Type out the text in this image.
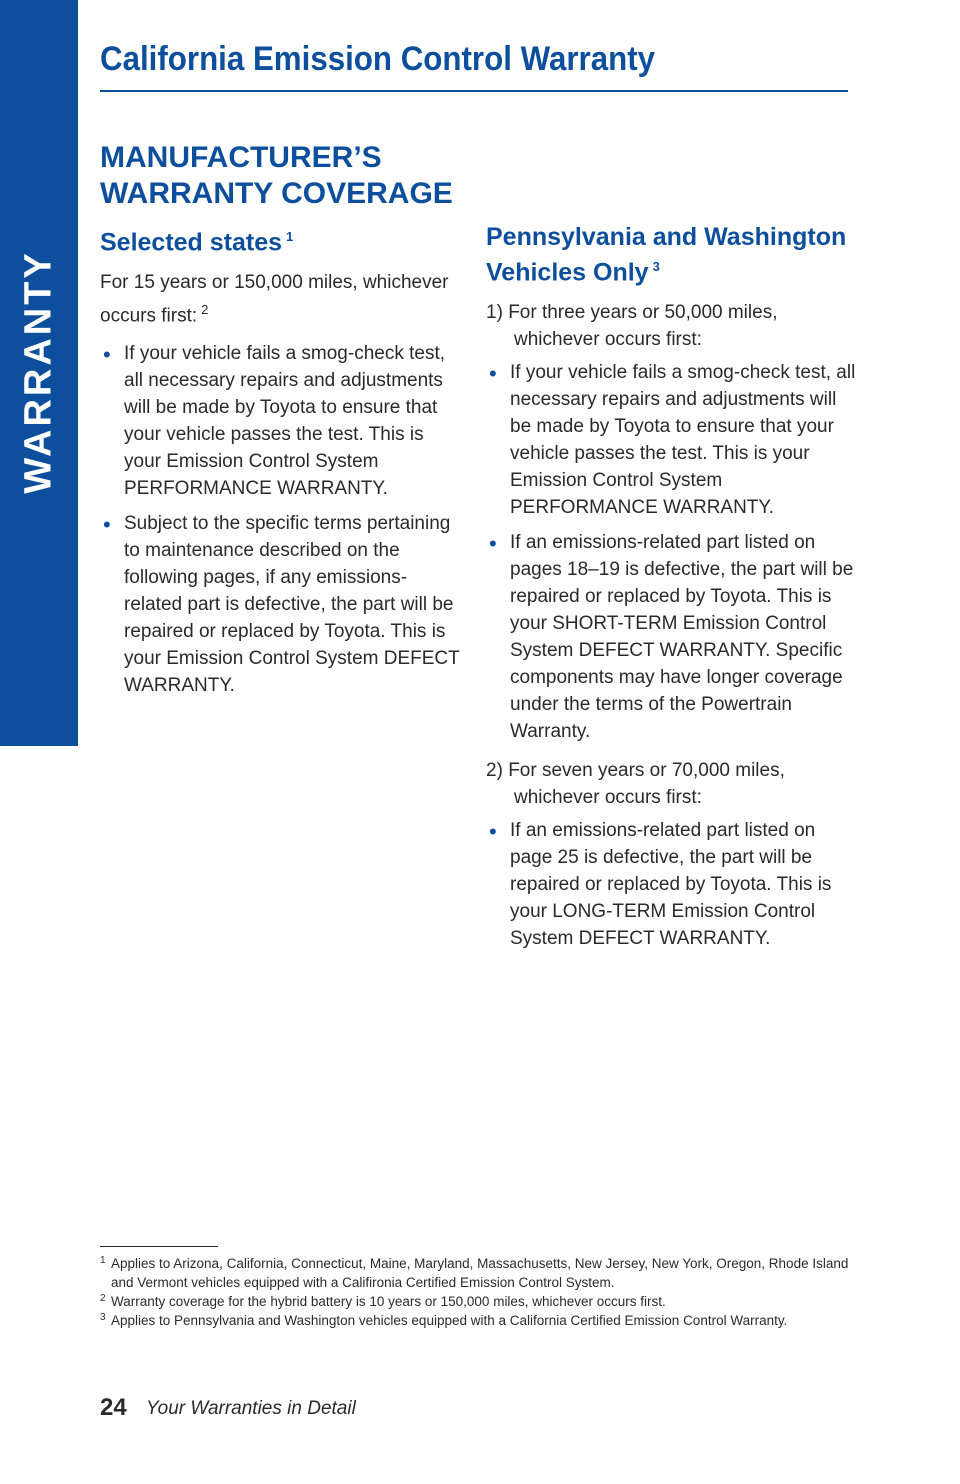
WARRANTY
California Emission Control Warranty
MANUFACTURER’S WARRANTY COVERAGE
Selected states $^1$
For 15 years or 150,000 miles, whichever occurs first: $^2$
• If your vehicle fails a smog-check test, all necessary repairs and adjustments will be made by Toyota to ensure that your vehicle passes the test. This is your Emission Control System PERFORMANCE WARRANTY.
• Subject to the specific terms pertaining to maintenance described on the following pages, if any emissions-related part is defective, the part will be repaired or replaced by Toyota. This is your Emission Control System DEFECT WARRANTY.
Pennsylvania and Washington Vehicles Only $^3$
1) For three years or 50,000 miles,
whichever occurs first:
• If your vehicle fails a smog-check test, all necessary repairs and adjustments will be made by Toyota to ensure that your vehicle passes the test. This is your Emission Control System PERFORMANCE WARRANTY.
• If an emissions-related part listed on pages 18–19 is defective, the part will be repaired or replaced by Toyota. This is your SHORT-TERM Emission Control System DEFECT WARRANTY. Specific components may have longer coverage under the terms of the Powertrain Warranty.
2) For seven years or 70,000 miles,
whichever occurs first:
• If an emissions-related part listed on page 25 is defective, the part will be repaired or replaced by Toyota. This is your LONG-TERM Emission Control System DEFECT WARRANTY.
1 Applies to Arizona, California, Connecticut, Maine, Maryland, Massachusetts, New Jersey, New York, Oregon, Rhode Island and Vermont vehicles equipped with a Califironia Certified Emission Control System.
2 Warranty coverage for the hybrid battery is 10 years or 150,000 miles, whichever occurs first.
3 Applies to Pennsylvania and Washington vehicles equipped with a California Certified Emission Control Warranty.
24 Your Warranties in Detail
